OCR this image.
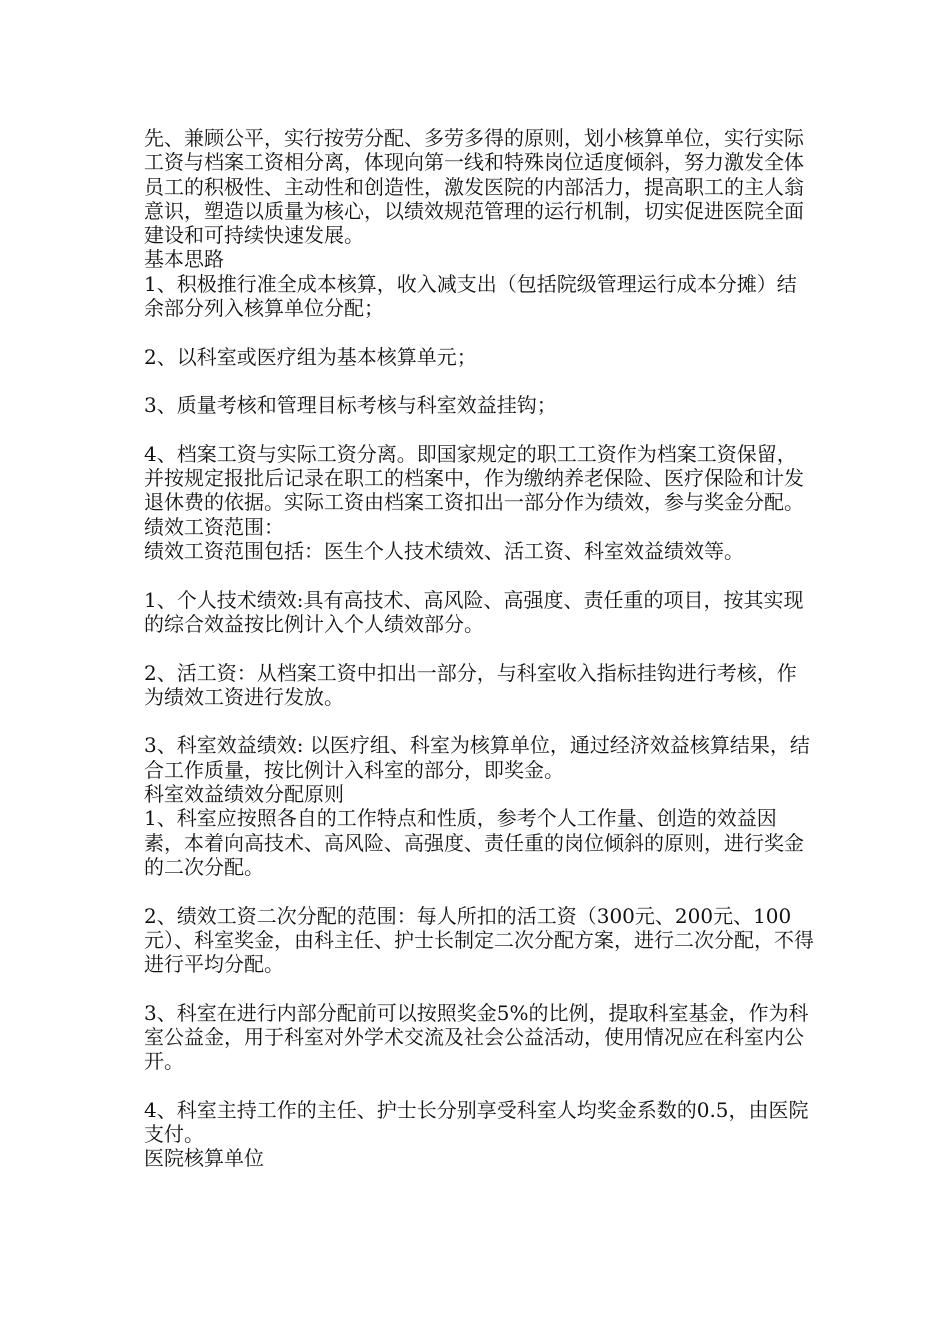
先、兼顾公平，实行按劳分配、多劳多得的原则，划小核算单位，实行实际工资与档案工资相分离，体现向第一线和特殊岗位适度倾斜，努力激发全体员工的积极性、主动性和创造性，激发医院的内部活力，提高职工的主人翁意识，塑造以质量为核心，以绩效规范管理的运行机制，切实促进医院全面建设和可持续快速发展。

基本思路

1、积极推行准全成本核算，收入减支出（包括院级管理运行成本分摊）结余部分列入核算单位分配；

2、以科室或医疗组为基本核算单元；

3、质量考核和管理目标考核与科室效益挂钩；

4、档案工资与实际工资分离。即国家规定的职工工资作为档案工资保留，并按规定报批后记录在职工的档案中，作为缴纳养老保险、医疗保险和计发退休费的依据。实际工资由档案工资扣出一部分作为绩效，参与奖金分配。

绩效工资范围：

绩效工资范围包括：医生个人技术绩效、活工资、科室效益绩效等。

1、个人技术绩效:具有高技术、高风险、高强度、责任重的项目，按其实现的综合效益按比例计入个人绩效部分。

2、活工资：从档案工资中扣出一部分，与科室收入指标挂钩进行考核，作为绩效工资进行发放。

3、科室效益绩效: 以医疗组、科室为核算单位，通过经济效益核算结果，结合工作质量，按比例计入科室的部分，即奖金。

科室效益绩效分配原则

1、科室应按照各自的工作特点和性质，参考个人工作量、创造的效益因素，本着向高技术、高风险、高强度、责任重的岗位倾斜的原则，进行奖金的二次分配。

2、绩效工资二次分配的范围：每人所扣的活工资（300元、200元、100元）、科室奖金，由科主任、护士长制定二次分配方案，进行二次分配，不得进行平均分配。

3、科室在进行内部分配前可以按照奖金5%的比例，提取科室基金，作为科室公益金，用于科室对外学术交流及社会公益活动，使用情况应在科室内公开。

4、科室主持工作的主任、护士长分别享受科室人均奖金系数的0.5，由医院支付。

医院核算单位
